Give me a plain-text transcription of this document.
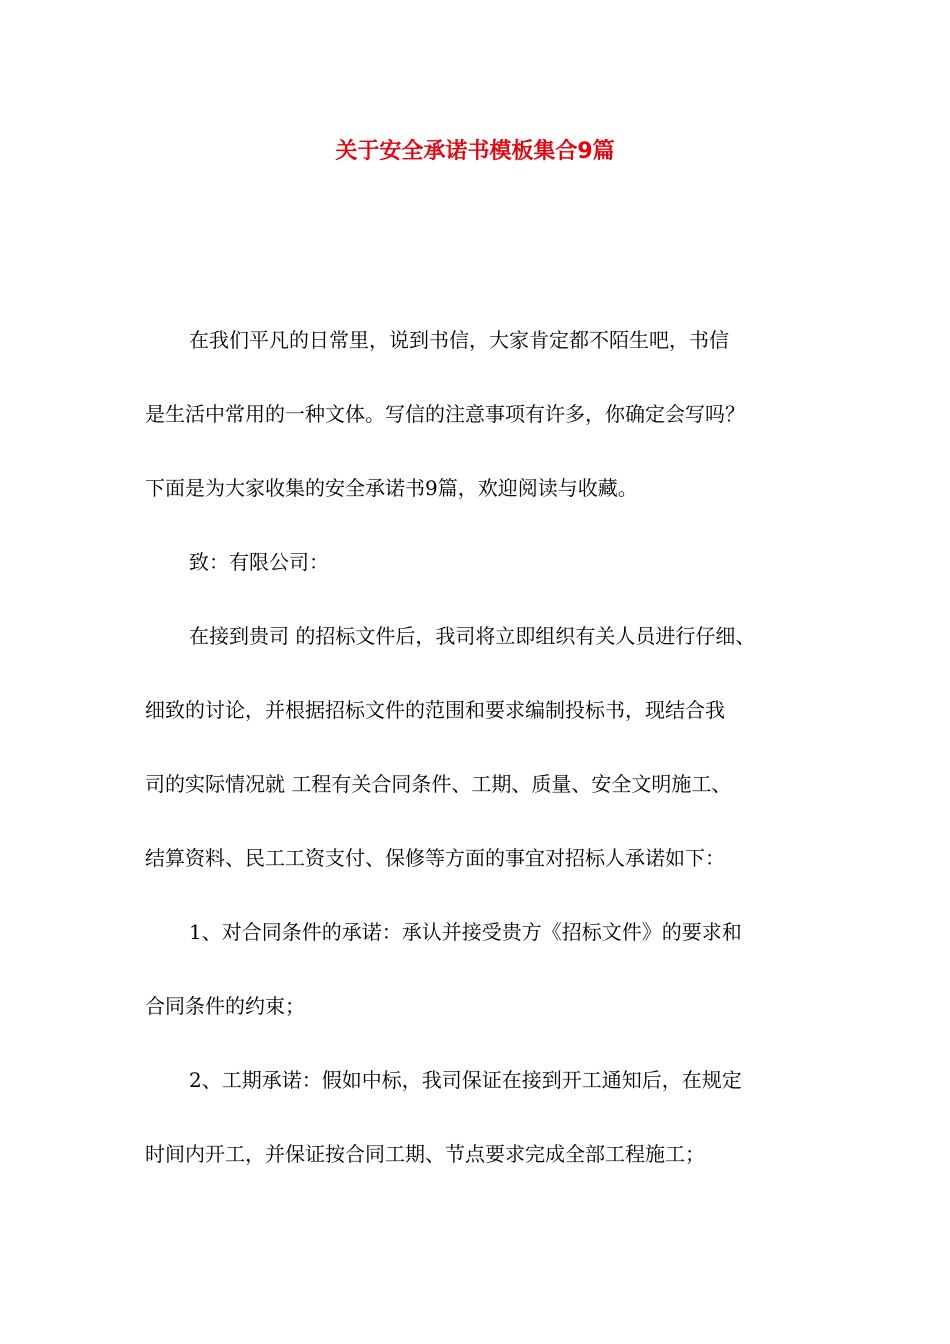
关于安全承诺书模板集合9篇
在我们平凡的日常里，说到书信，大家肯定都不陌生吧，书信
是生活中常用的一种文体。写信的注意事项有许多，你确定会写吗？
下面是为大家收集的安全承诺书9篇，欢迎阅读与收藏。
致：有限公司：
在接到贵司 的招标文件后，我司将立即组织有关人员进行仔细、
细致的讨论，并根据招标文件的范围和要求编制投标书，现结合我
司的实际情况就 工程有关合同条件、工期、质量、安全文明施工、
结算资料、民工工资支付、保修等方面的事宜对招标人承诺如下：
1、对合同条件的承诺：承认并接受贵方《招标文件》的要求和
合同条件的约束；
2、工期承诺：假如中标，我司保证在接到开工通知后，在规定
时间内开工，并保证按合同工期、节点要求完成全部工程施工；
